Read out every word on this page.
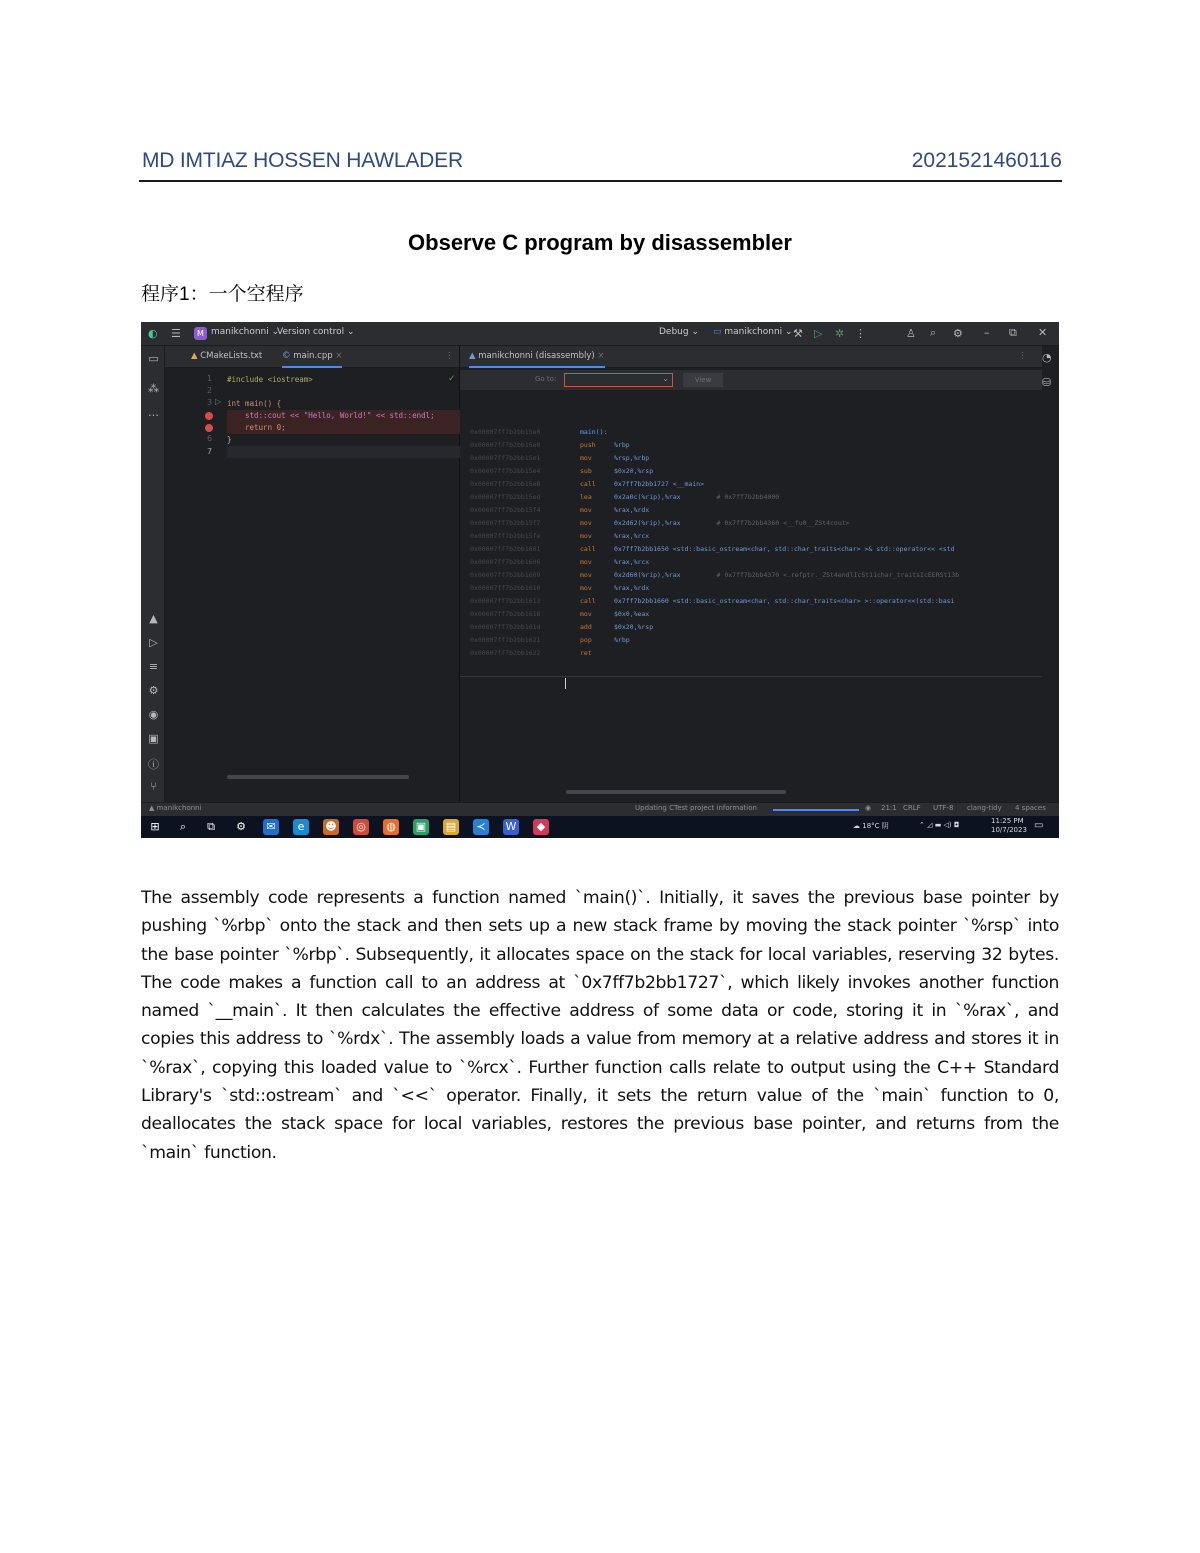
MD IMTIAZ HOSSEN HAWLADER	2021521460116
Observe C program by disassembler
程序1：一个空程序
◐ ☰	M manikchonni ⌄
Version control ⌄	Debug ⌄ ▭ manikchonni ⌄ ⚒ ▷ ✲ ⋮	♙ ⌕ ⚙ – ⧉ ✕
▭
⁂
…
▲
▷
≡
⚙
◉
▣
ⓘ
⑂
▲ CMakeLists.txt © main.cpp ×	⋮
1
2
3 ▷
6
7
#include <iostream>	✓
int main() {
std::cout << "Hello, World!" << std::endl;
return 0;
}
▲ manikchonni (disassembly) ×	⋮
Go to:	⌄	View
0x00007ff7b2bb15e0	main():
0x00007ff7b2bb15e0	push	%rbp
0x00007ff7b2bb15e1	mov	%rsp,%rbp
0x00007ff7b2bb15e4	sub	$0x20,%rsp
0x00007ff7b2bb15e8	call	0x7ff7b2bb1727 <__main>
0x00007ff7b2bb15ed	lea	0x2a0c(%rip),%rax	# 0x7ff7b2bb4000
0x00007ff7b2bb15f4	mov	%rax,%rdx
0x00007ff7b2bb15f7	mov	0x2d62(%rip),%rax	# 0x7ff7b2bb4360 <__fu0__ZSt4cout>
0x00007ff7b2bb15fe	mov	%rax,%rcx
0x00007ff7b2bb1601	call	0x7ff7b2bb1650 <std::basic_ostream<char, std::char_traits<char> >& std::operator<< <std
0x00007ff7b2bb1606	mov	%rax,%rcx
0x00007ff7b2bb1609	mov	0x2d60(%rip),%rax	# 0x7ff7b2bb4370 <.refptr._ZSt4endlIcSt11char_traitsIcEERSt13b
0x00007ff7b2bb1610	mov	%rax,%rdx
0x00007ff7b2bb1613	call	0x7ff7b2bb1660 <std::basic_ostream<char, std::char_traits<char> >::operator<<(std::basi
0x00007ff7b2bb1618	mov	$0x0,%eax
0x00007ff7b2bb161d	add	$0x20,%rsp
0x00007ff7b2bb1621	pop	%rbp
0x00007ff7b2bb1622	ret
◔
⛁
▲ manikchonni	Updating CTest project information	◉ 21:1 CRLF UTF-8 clang-tidy 4 spaces
⊞	⌕	⧉	⚙	✉	e	☻ ◎ ◍ ▣ ▤	≺	W	◆	☁ 18°C 阴	⌃ ◿ ▬ ◁) ◘	11:25 PM
10/7/2023 ▭
The assembly code represents a function named `main()`. Initially, it saves the previous base pointer by pushing `%rbp` onto the stack and then sets up a new stack frame by moving the stack pointer `%rsp` into the base pointer `%rbp`. Subsequently, it allocates space on the stack for local variables, reserving 32 bytes. The code makes a function call to an address at `0x7ff7b2bb1727`, which likely invokes another function named `__main`. It then calculates the effective address of some data or code, storing it in `%rax`, and copies this address to `%rdx`. The assembly loads a value from memory at a relative address and stores it in `%rax`, copying this loaded value to `%rcx`. Further function calls relate to output using the C++ Standard Library's `std::ostream` and `<<` operator. Finally, it sets the return value of the `main` function to 0, deallocates the stack space for local variables, restores the previous base pointer, and returns from the `main` function.
